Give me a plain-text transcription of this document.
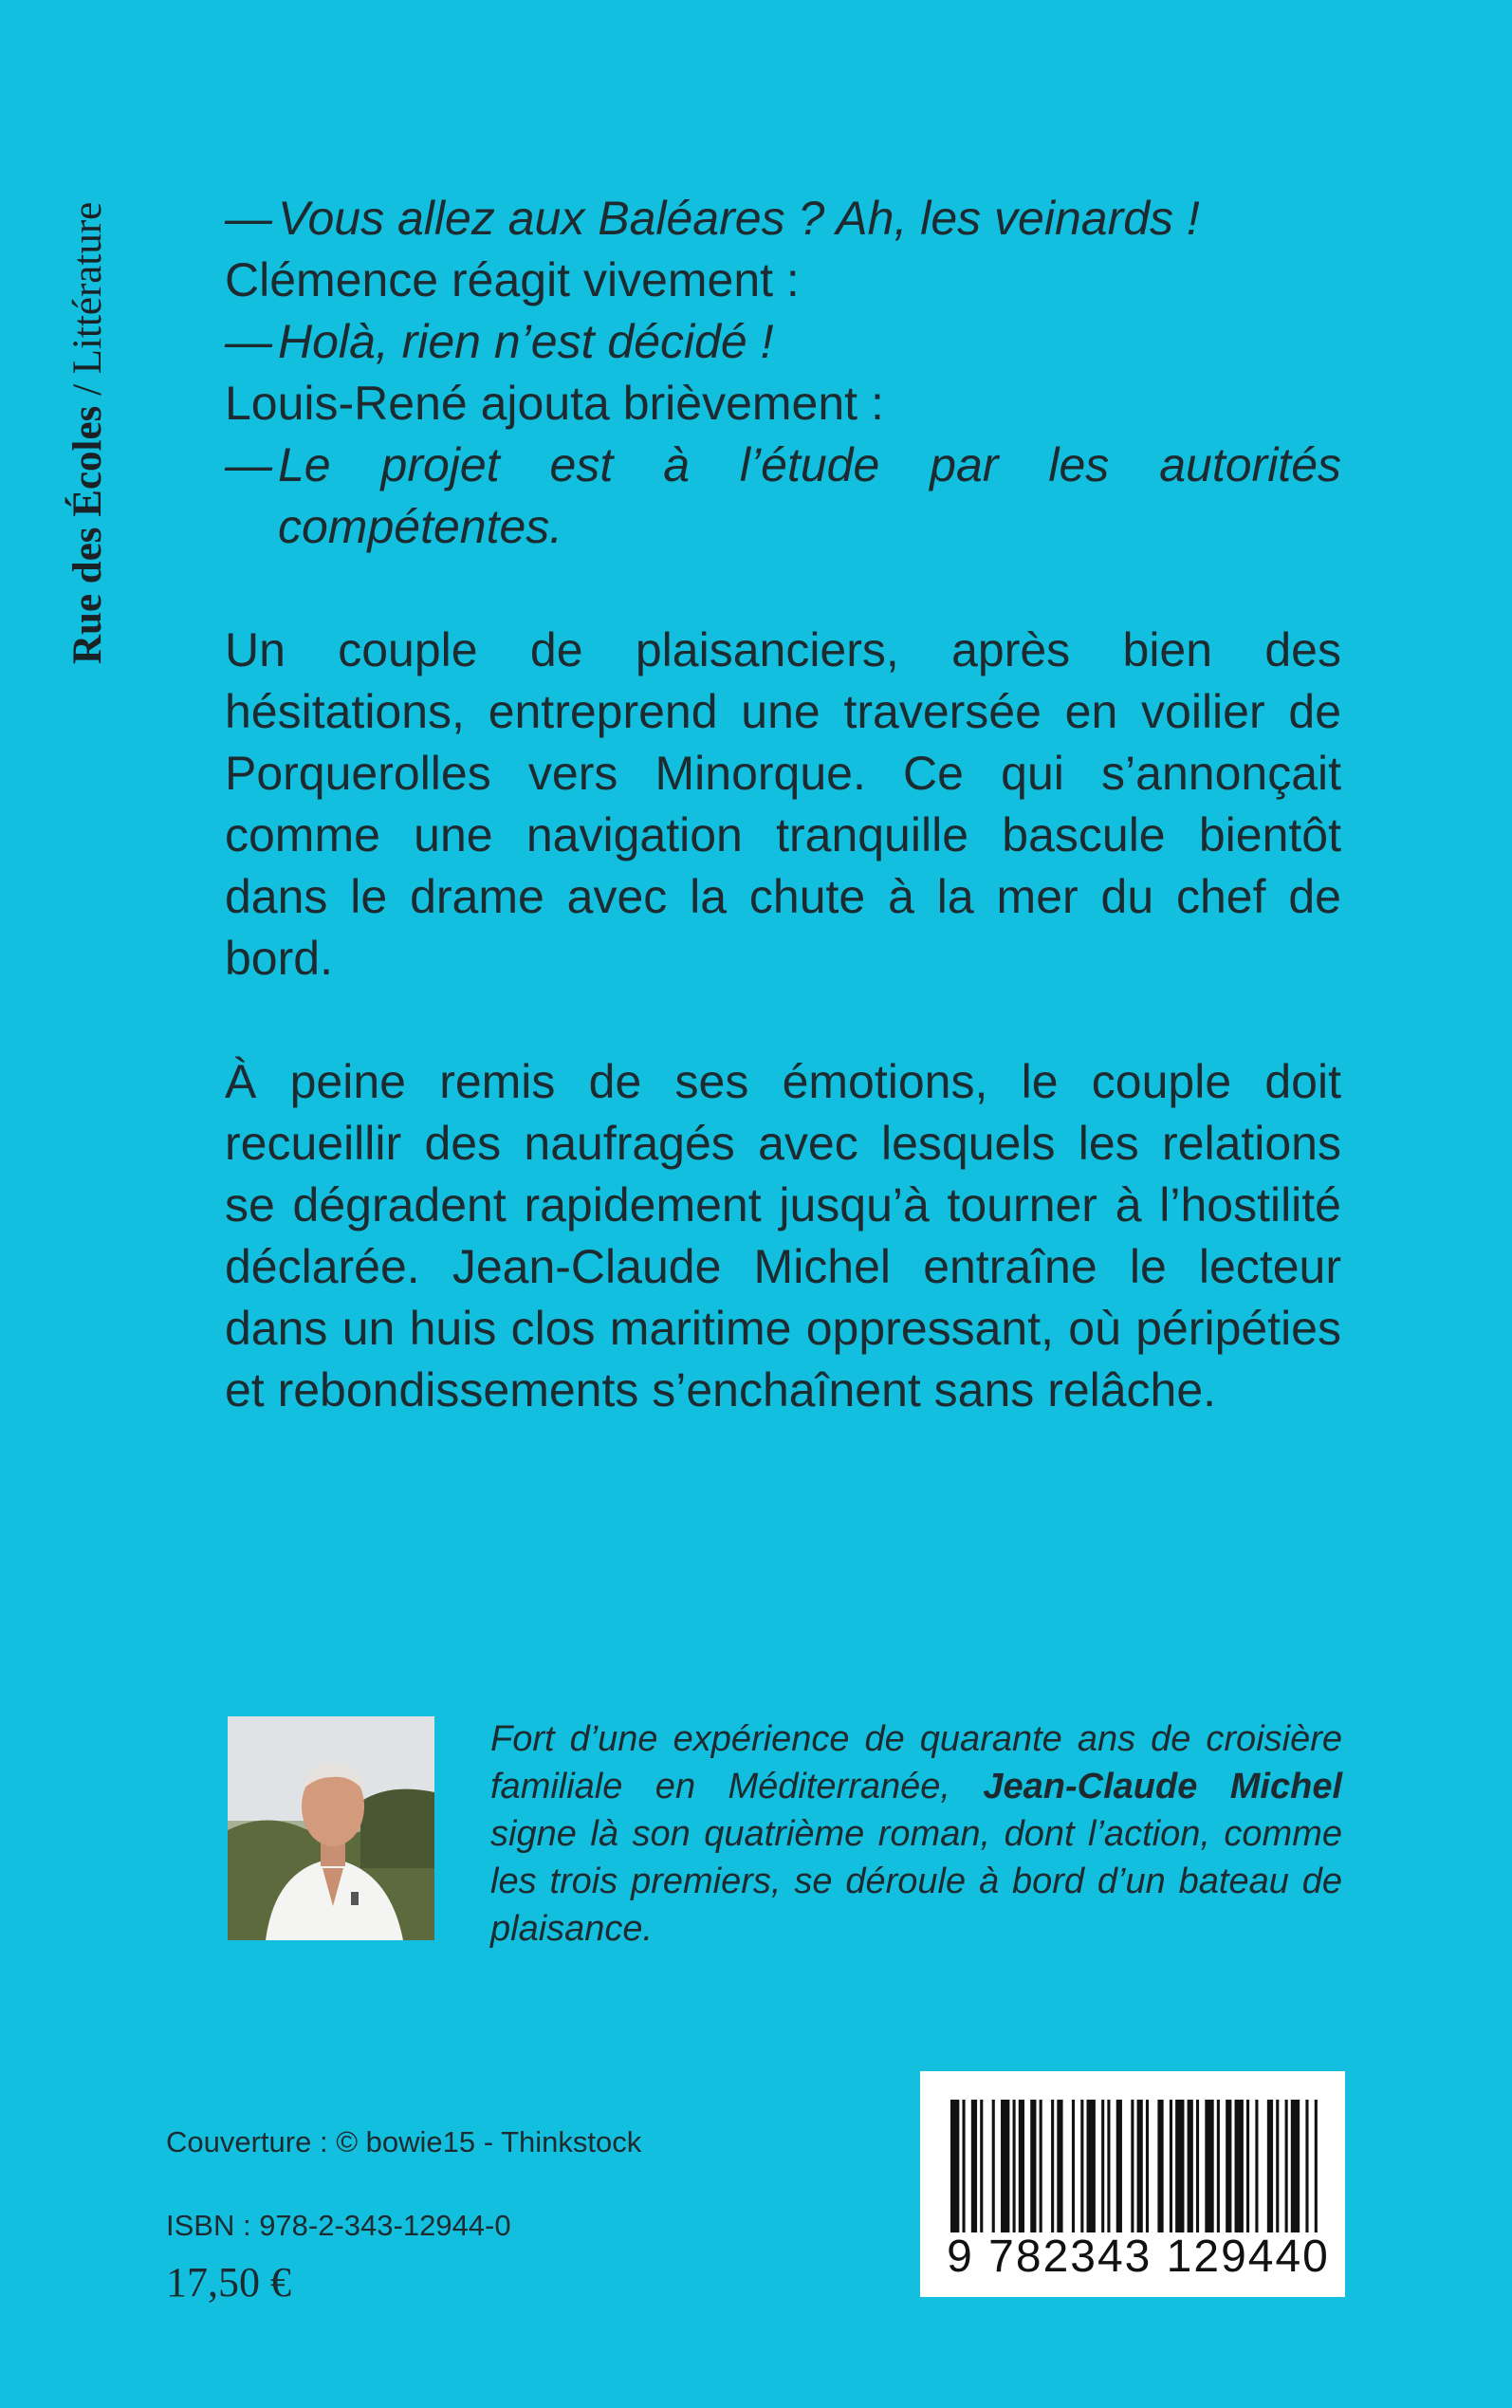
Rue des Écoles / Littérature — Vous allez aux Baléares ? Ah, les veinards !

Clémence réagit vivement :

— Holà, rien n’est décidé !

Louis-René ajouta brièvement :

— Le projet est à l’étude par les autorités compétentes.

Un couple de plaisanciers, après bien des hésitations, entreprend une traversée en voilier de Porquerolles vers Minorque. Ce qui s’annonçait comme une navigation tranquille bascule bientôt dans le drame avec la chute à la mer du chef de bord.

À peine remis de ses émotions, le couple doit recueillir des naufragés avec lesquels les relations se dégradent rapidement jusqu’à tourner à l’hostilité déclarée. Jean-Claude Michel entraîne le lecteur dans un huis clos maritime oppressant, où péripéties et rebondissements s’enchaînent sans relâche.

Fort d’une expérience de quarante ans de croisière familiale en Méditerranée, Jean-Claude Michel signe là son quatrième roman, dont l’action, comme les trois premiers, se déroule à bord d’un bateau de plaisance.
Couverture : © bowie15 - Thinkstock
ISBN : 978-2-343-12944-0
17,50 €
9 782343 129440
